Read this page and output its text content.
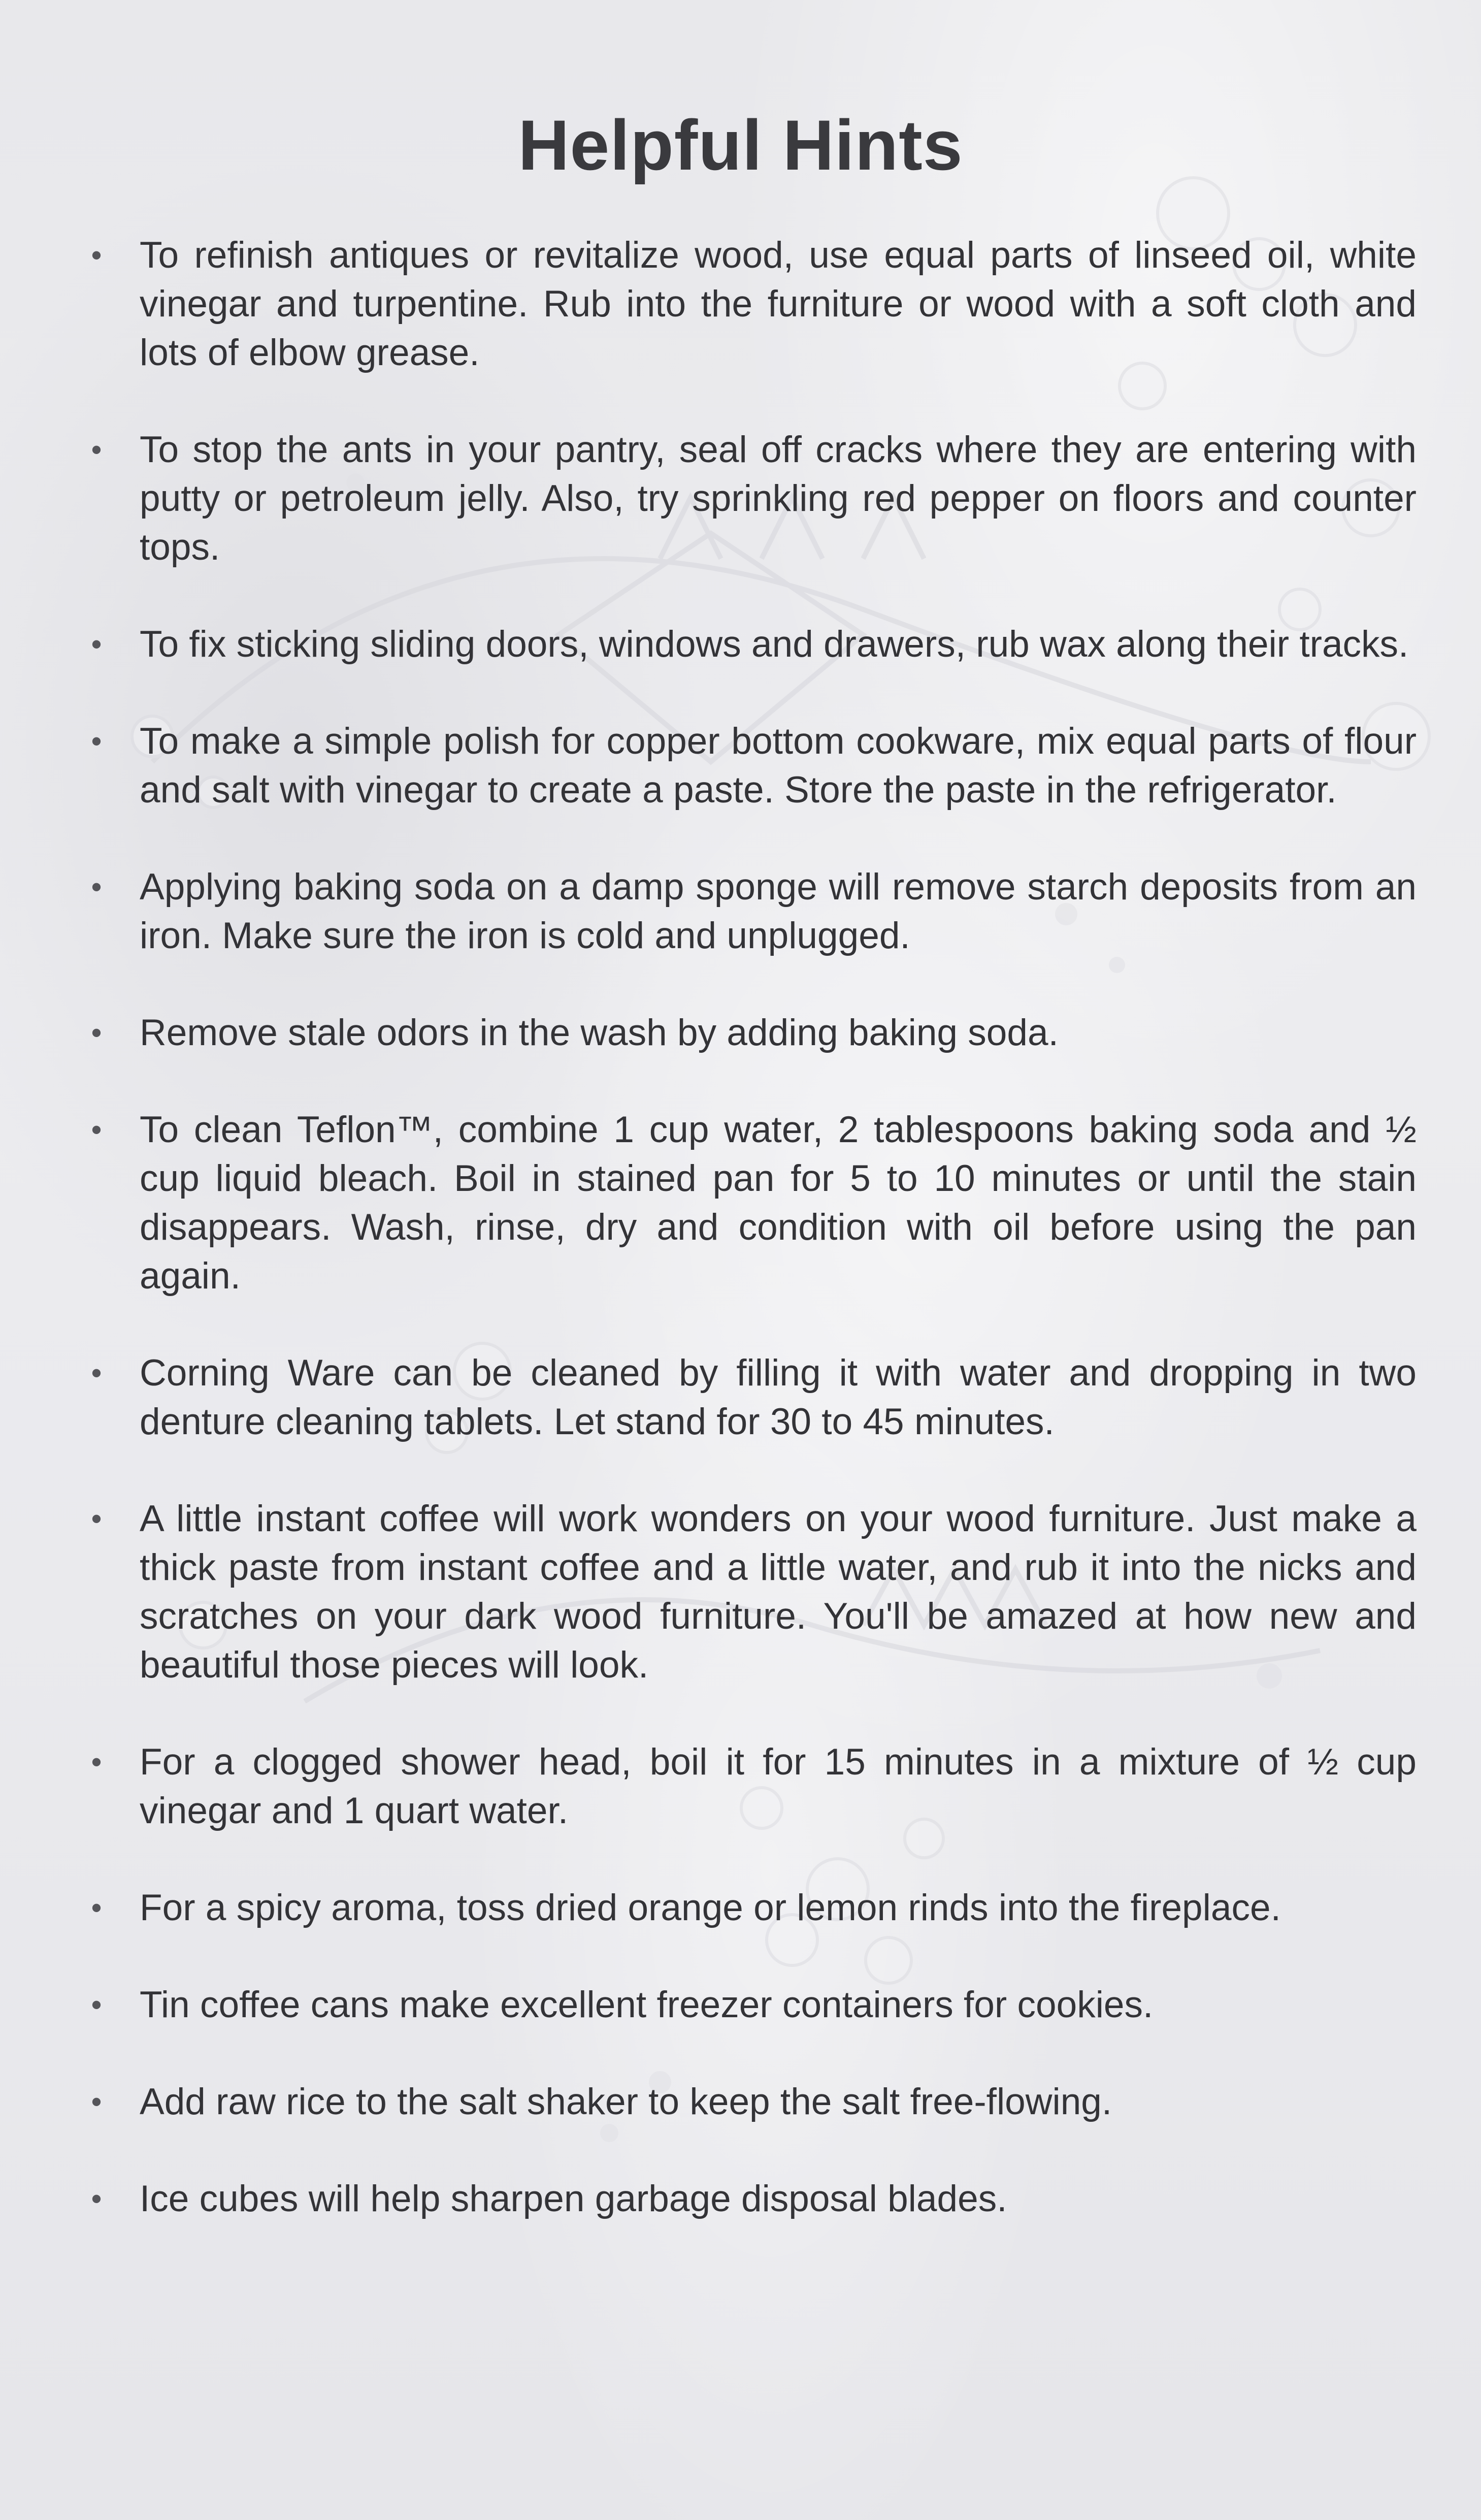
Helpful Hints
• To refinish antiques or revitalize wood, use equal parts of linseed oil, white vinegar and turpentine. Rub into the furniture or wood with a soft cloth and lots of elbow grease.
• To stop the ants in your pantry, seal off cracks where they are entering with putty or petroleum jelly. Also, try sprinkling red pepper on floors and counter tops.
• To fix sticking sliding doors, windows and drawers, rub wax along their tracks.
• To make a simple polish for copper bottom cookware, mix equal parts of flour and salt with vinegar to create a paste. Store the paste in the refrigerator.
• Applying baking soda on a damp sponge will remove starch deposits from an iron. Make sure the iron is cold and unplugged.
• Remove stale odors in the wash by adding baking soda.
• To clean Teflon™, combine 1 cup water, 2 tablespoons baking soda and ½ cup liquid bleach. Boil in stained pan for 5 to 10 minutes or until the stain disappears. Wash, rinse, dry and condition with oil before using the pan again.
• Corning Ware can be cleaned by filling it with water and dropping in two denture cleaning tablets. Let stand for 30 to 45 minutes.
• A little instant coffee will work wonders on your wood furniture. Just make a thick paste from instant coffee and a little water, and rub it into the nicks and scratches on your dark wood furniture. You'll be amazed at how new and beautiful those pieces will look.
• For a clogged shower head, boil it for 15 minutes in a mixture of ½ cup vinegar and 1 quart water.
• For a spicy aroma, toss dried orange or lemon rinds into the fireplace.
• Tin coffee cans make excellent freezer containers for cookies.
• Add raw rice to the salt shaker to keep the salt free-flowing.
• Ice cubes will help sharpen garbage disposal blades.
